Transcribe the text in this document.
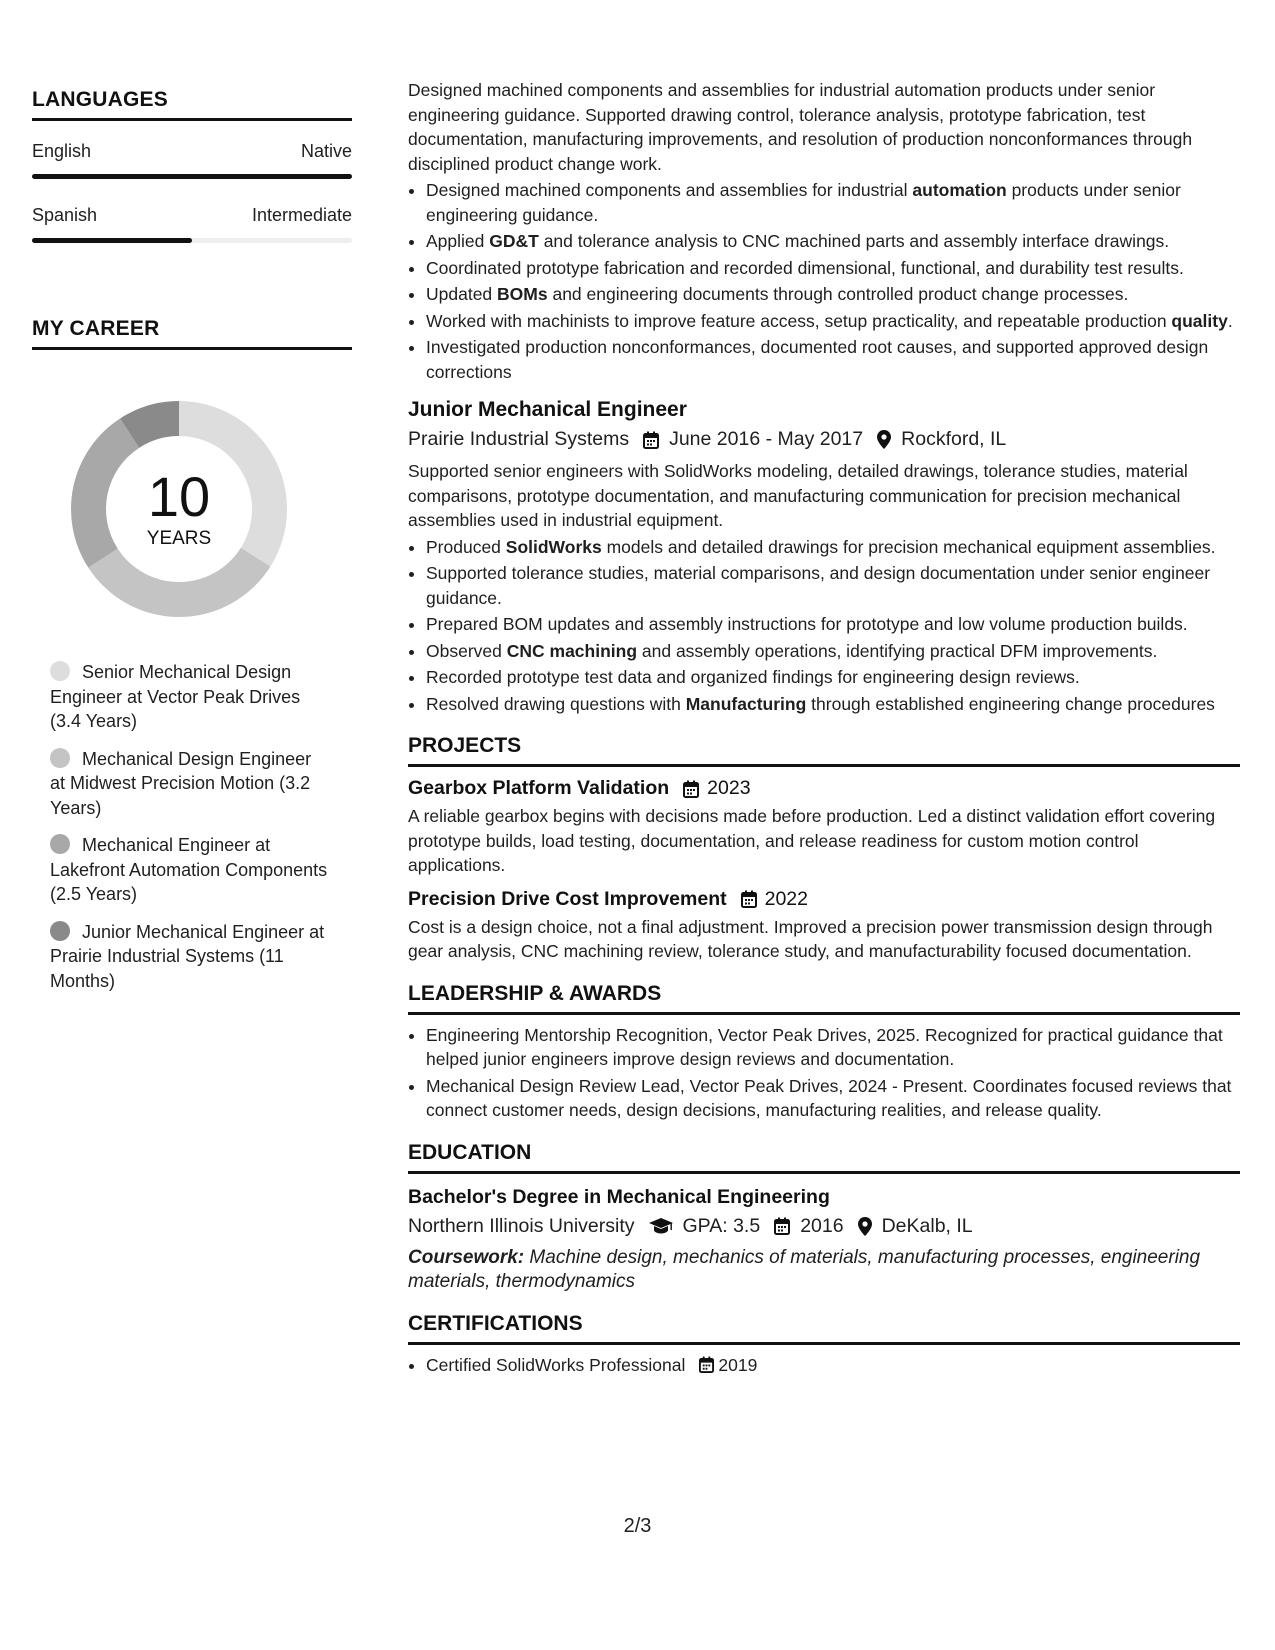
LANGUAGES
English	Native
Spanish	Intermediate
MY CAREER
10
YEARS
Senior Mechanical Design Engineer at Vector Peak Drives (3.4 Years)
Mechanical Design Engineer at Midwest Precision Motion (3.2 Years)
Mechanical Engineer at Lakefront Automation Components (2.5 Years)
Junior Mechanical Engineer at Prairie Industrial Systems (11 Months)

Designed machined components and assemblies for industrial automation products under senior engineering guidance. Supported drawing control, tolerance analysis, prototype fabrication, test documentation, manufacturing improvements, and resolution of production nonconformances through disciplined product change work.

• Designed machined components and assemblies for industrial automation products under senior engineering guidance.
• Applied GD&T and tolerance analysis to CNC machined parts and assembly interface drawings.
• Coordinated prototype fabrication and recorded dimensional, functional, and durability test results.
• Updated BOMs and engineering documents through controlled product change processes.
• Worked with machinists to improve feature access, setup practicality, and repeatable production quality.
• Investigated production nonconformances, documented root causes, and supported approved design corrections
Junior Mechanical Engineer
Prairie Industrial Systems June 2016 - May 2017 Rockford, IL

Supported senior engineers with SolidWorks modeling, detailed drawings, tolerance studies, material comparisons, prototype documentation, and manufacturing communication for precision mechanical assemblies used in industrial equipment.

• Produced SolidWorks models and detailed drawings for precision mechanical equipment assemblies.
• Supported tolerance studies, material comparisons, and design documentation under senior engineer guidance.
• Prepared BOM updates and assembly instructions for prototype and low volume production builds.
• Observed CNC machining and assembly operations, identifying practical DFM improvements.
• Recorded prototype test data and organized findings for engineering design reviews.
• Resolved drawing questions with Manufacturing through established engineering change procedures
PROJECTS
Gearbox Platform Validation 2023

A reliable gearbox begins with decisions made before production. Led a distinct validation effort covering prototype builds, load testing, documentation, and release readiness for custom motion control applications.

Precision Drive Cost Improvement 2022

Cost is a design choice, not a final adjustment. Improved a precision power transmission design through gear analysis, CNC machining review, tolerance study, and manufacturability focused documentation.

LEADERSHIP & AWARDS
• Engineering Mentorship Recognition, Vector Peak Drives, 2025. Recognized for practical guidance that helped junior engineers improve design reviews and documentation.
• Mechanical Design Review Lead, Vector Peak Drives, 2024 - Present. Coordinates focused reviews that connect customer needs, design decisions, manufacturing realities, and release quality.
EDUCATION
Bachelor's Degree in Mechanical Engineering
Northern Illinois University GPA: 3.5 2016 DeKalb, IL

Coursework: Machine design, mechanics of materials, manufacturing processes, engineering materials, thermodynamics

CERTIFICATIONS
• Certified SolidWorks Professional 2019
2/3
